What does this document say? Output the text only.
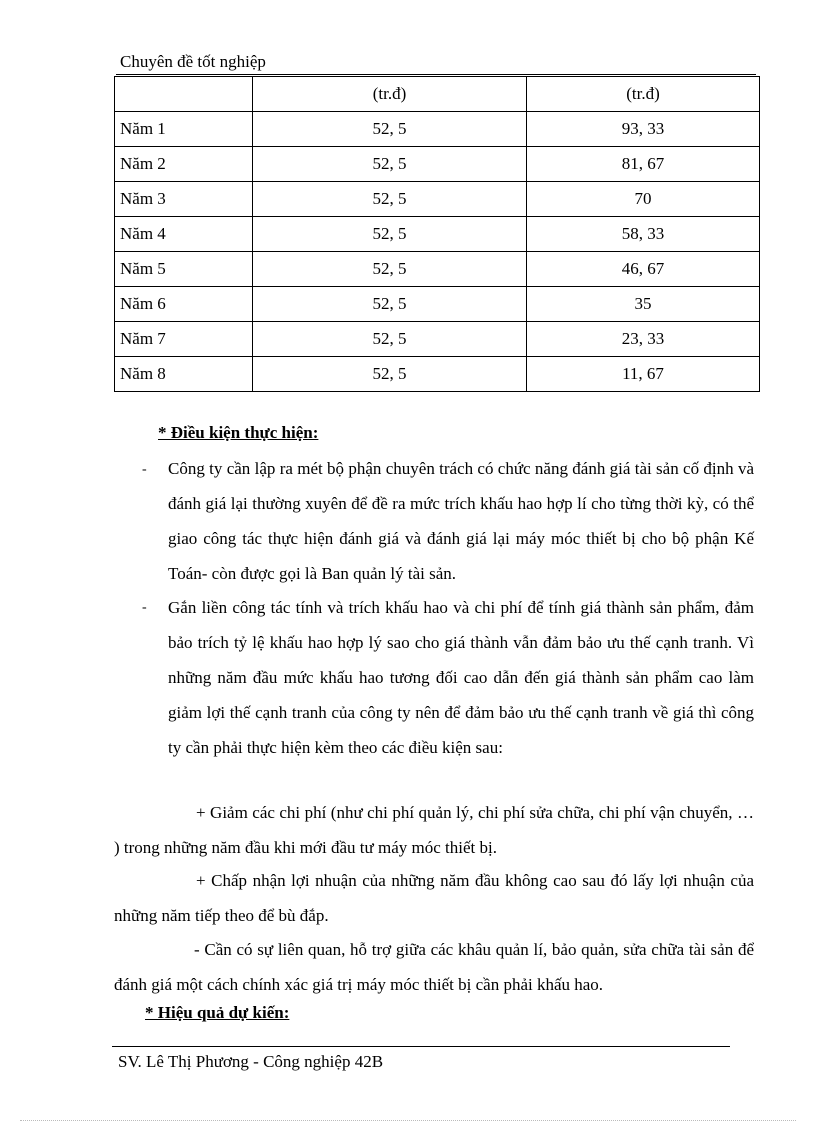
Chuyên đề tốt nghiệp
	(tr.đ)	(tr.đ)
Năm 1	52, 5	93, 33
Năm 2	52, 5	81, 67
Năm 3	52, 5	70
Năm 4	52, 5	58, 33
Năm 5	52, 5	46, 67
Năm 6	52, 5	35
Năm 7	52, 5	23, 33
Năm 8	52, 5	11, 67
* Điều kiện thực hiện:
- Công ty cần lập ra mét bộ phận chuyên trách có chức năng đánh giá tài sản cố định và đánh giá lại thường xuyên để đề ra mức trích khấu hao hợp lí cho từng thời kỳ, có thể giao công tác thực hiện đánh giá và đánh giá lại máy móc thiết bị cho bộ phận Kế Toán- còn được gọi là Ban quản lý tài sản.
- Gắn liền công tác tính và trích khấu hao và chi phí để tính giá thành sản phẩm, đảm bảo trích tỷ lệ khấu hao hợp lý sao cho giá thành vẫn đảm bảo ưu thế cạnh tranh. Vì những năm đầu mức khấu hao tương đối cao dẫn đến giá thành sản phẩm cao làm giảm lợi thế cạnh tranh của công ty nên để đảm bảo ưu thế cạnh tranh về giá thì công ty cần phải thực hiện kèm theo các điều kiện sau:
+ Giảm các chi phí (như chi phí quản lý, chi phí sửa chữa, chi phí vận chuyển, … ) trong những năm đầu khi mới đầu tư máy móc thiết bị.
+ Chấp nhận lợi nhuận của những năm đầu không cao sau đó lấy lợi nhuận của những năm tiếp theo để bù đắp.
- Cần có sự liên quan, hỗ trợ giữa các khâu quản lí, bảo quản, sửa chữa tài sản để đánh giá một cách chính xác giá trị máy móc thiết bị cần phải khấu hao.
* Hiệu quả dự kiến:
SV. Lê Thị Phương - Công nghiệp 42B
